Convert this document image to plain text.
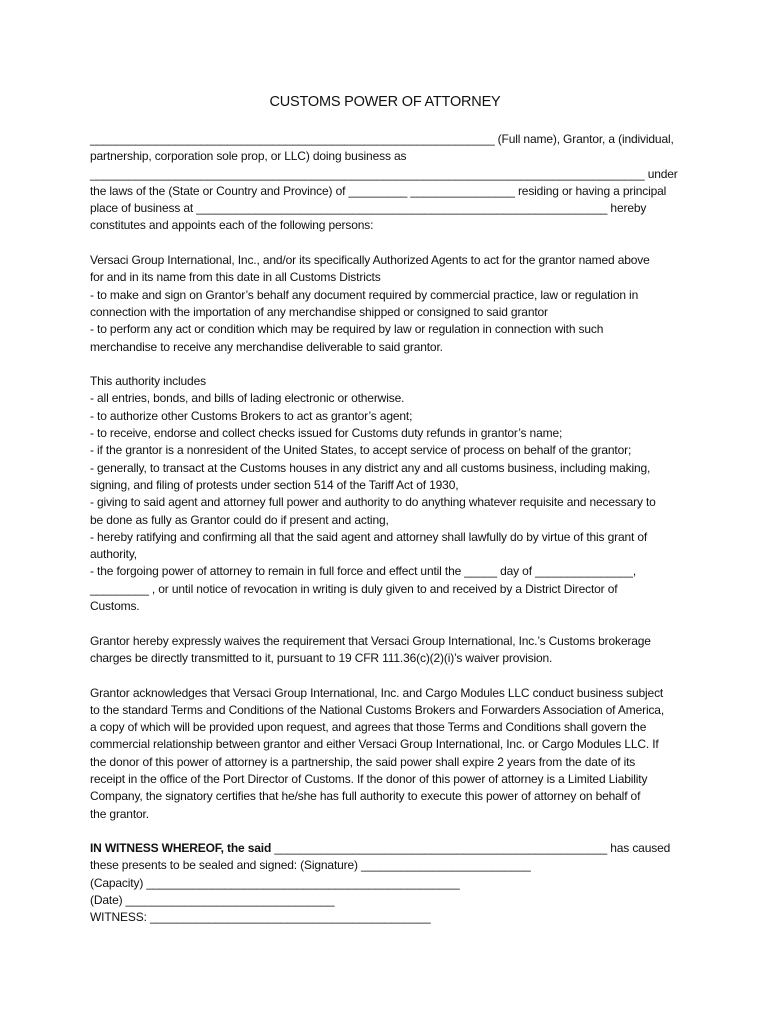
CUSTOMS POWER OF ATTORNEY
______________________________________________________________ (Full name), Grantor, a (individual,
partnership, corporation sole prop, or LLC) doing business as
_____________________________________________________________________________________ under
the laws of the (State or Country and Province) of _________ ________________ residing or having a principal
place of business at _______________________________________________________________ hereby
constitutes and appoints each of the following persons:
Versaci Group International, Inc., and/or its specifically Authorized Agents to act for the grantor named above
for and in its name from this date in all Customs Districts
- to make and sign on Grantor’s behalf any document required by commercial practice, law or regulation in
connection with the importation of any merchandise shipped or consigned to said grantor
- to perform any act or condition which may be required by law or regulation in connection with such
merchandise to receive any merchandise deliverable to said grantor.
This authority includes
- all entries, bonds, and bills of lading electronic or otherwise.
- to authorize other Customs Brokers to act as grantor’s agent;
- to receive, endorse and collect checks issued for Customs duty refunds in grantor’s name;
- if the grantor is a nonresident of the United States, to accept service of process on behalf of the grantor;
- generally, to transact at the Customs houses in any district any and all customs business, including making,
signing, and filing of protests under section 514 of the Tariff Act of 1930,
- giving to said agent and attorney full power and authority to do anything whatever requisite and necessary to
be done as fully as Grantor could do if present and acting,
- hereby ratifying and confirming all that the said agent and attorney shall lawfully do by virtue of this grant of
authority,
- the forgoing power of attorney to remain in full force and effect until the _____ day of _______________,
_________ , or until notice of revocation in writing is duly given to and received by a District Director of
Customs.
Grantor hereby expressly waives the requirement that Versaci Group International, Inc.’s Customs brokerage
charges be directly transmitted to it, pursuant to 19 CFR 111.36(c)(2)(i)’s waiver provision.
Grantor acknowledges that Versaci Group International, Inc. and Cargo Modules LLC conduct business subject
to the standard Terms and Conditions of the National Customs Brokers and Forwarders Association of America,
a copy of which will be provided upon request, and agrees that those Terms and Conditions shall govern the
commercial relationship between grantor and either Versaci Group International, Inc. or Cargo Modules LLC. If
the donor of this power of attorney is a partnership, the said power shall expire 2 years from the date of its
receipt in the office of the Port Director of Customs. If the donor of this power of attorney is a Limited Liability
Company, the signatory certifies that he/she has full authority to execute this power of attorney on behalf of
the grantor.
IN WITNESS WHEREOF, the said ___________________________________________________ has caused
these presents to be sealed and signed: (Signature) __________________________
(Capacity) ________________________________________________
(Date) ________________________________
WITNESS: ___________________________________________
